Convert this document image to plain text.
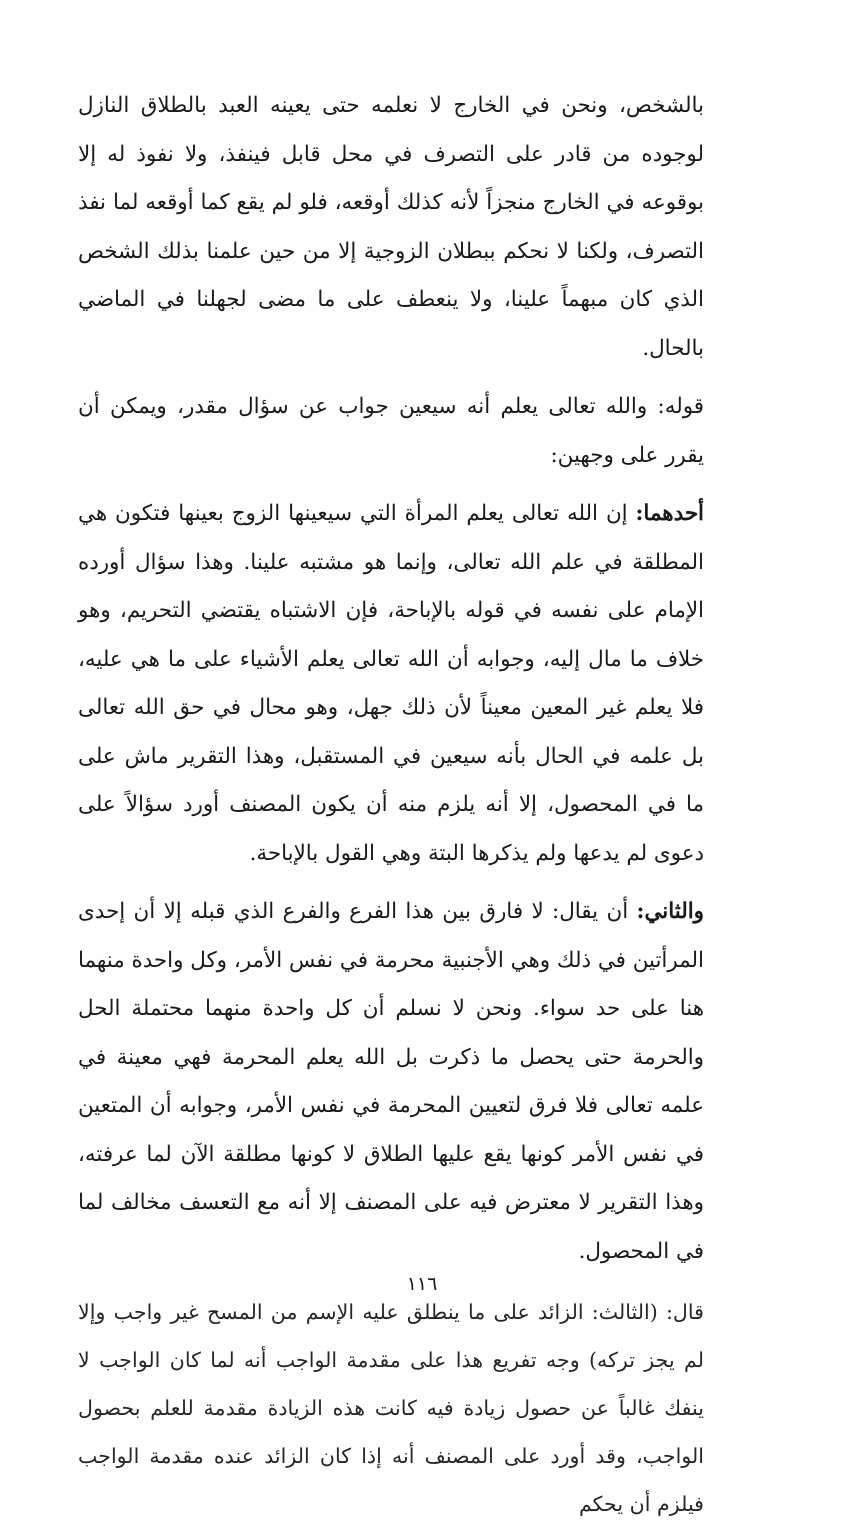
بالشخص، ونحن في الخارج لا نعلمه حتى يعينه العبد بالطلاق النازل لوجوده من قادر على التصرف في محل قابل فينفذ، ولا نفوذ له إلا بوقوعه في الخارج منجزاً لأنه كذلك أوقعه، فلو لم يقع كما أوقعه لما نفذ التصرف، ولكنا لا نحكم ببطلان الزوجية إلا من حين علمنا بذلك الشخص الذي كان مبهماً علينا، ولا ينعطف على ما مضى لجهلنا في الماضي بالحال.

قوله: والله تعالى يعلم أنه سيعين جواب عن سؤال مقدر، ويمكن أن يقرر على وجهين:

أحدهما: إن الله تعالى يعلم المرأة التي سيعينها الزوج بعينها فتكون هي المطلقة في علم الله تعالى، وإنما هو مشتبه علينا. وهذا سؤال أورده الإمام على نفسه في قوله بالإباحة، فإن الاشتباه يقتضي التحريم، وهو خلاف ما مال إليه، وجوابه أن الله تعالى يعلم الأشياء على ما هي عليه، فلا يعلم غير المعين معيناً لأن ذلك جهل، وهو محال في حق الله تعالى بل علمه في الحال بأنه سيعين في المستقبل، وهذا التقرير ماش على ما في المحصول، إلا أنه يلزم منه أن يكون المصنف أورد سؤالاً على دعوى لم يدعها ولم يذكرها البتة وهي القول بالإباحة.

والثاني: أن يقال: لا فارق بين هذا الفرع والفرع الذي قبله إلا أن إحدى المرأتين في ذلك وهي الأجنبية محرمة في نفس الأمر، وكل واحدة منهما هنا على حد سواء. ونحن لا نسلم أن كل واحدة منهما محتملة الحل والحرمة حتى يحصل ما ذكرت بل الله يعلم المحرمة فهي معينة في علمه تعالى فلا فرق لتعيين المحرمة في نفس الأمر، وجوابه أن المتعين في نفس الأمر كونها يقع عليها الطلاق لا كونها مطلقة الآن لما عرفته، وهذا التقرير لا معترض فيه على المصنف إلا أنه مع التعسف مخالف لما في المحصول.

قال: (الثالث: الزائد على ما ينطلق عليه الإسم من المسح غير واجب وإلا لم يجز تركه) وجه تفريع هذا على مقدمة الواجب أنه لما كان الواجب لا ينفك غالباً عن حصول زيادة فيه كانت هذه الزيادة مقدمة للعلم بحصول الواجب، وقد أورد على المصنف أنه إذا كان الزائد عنده مقدمة الواجب فيلزم أن يحكم

١١٦
